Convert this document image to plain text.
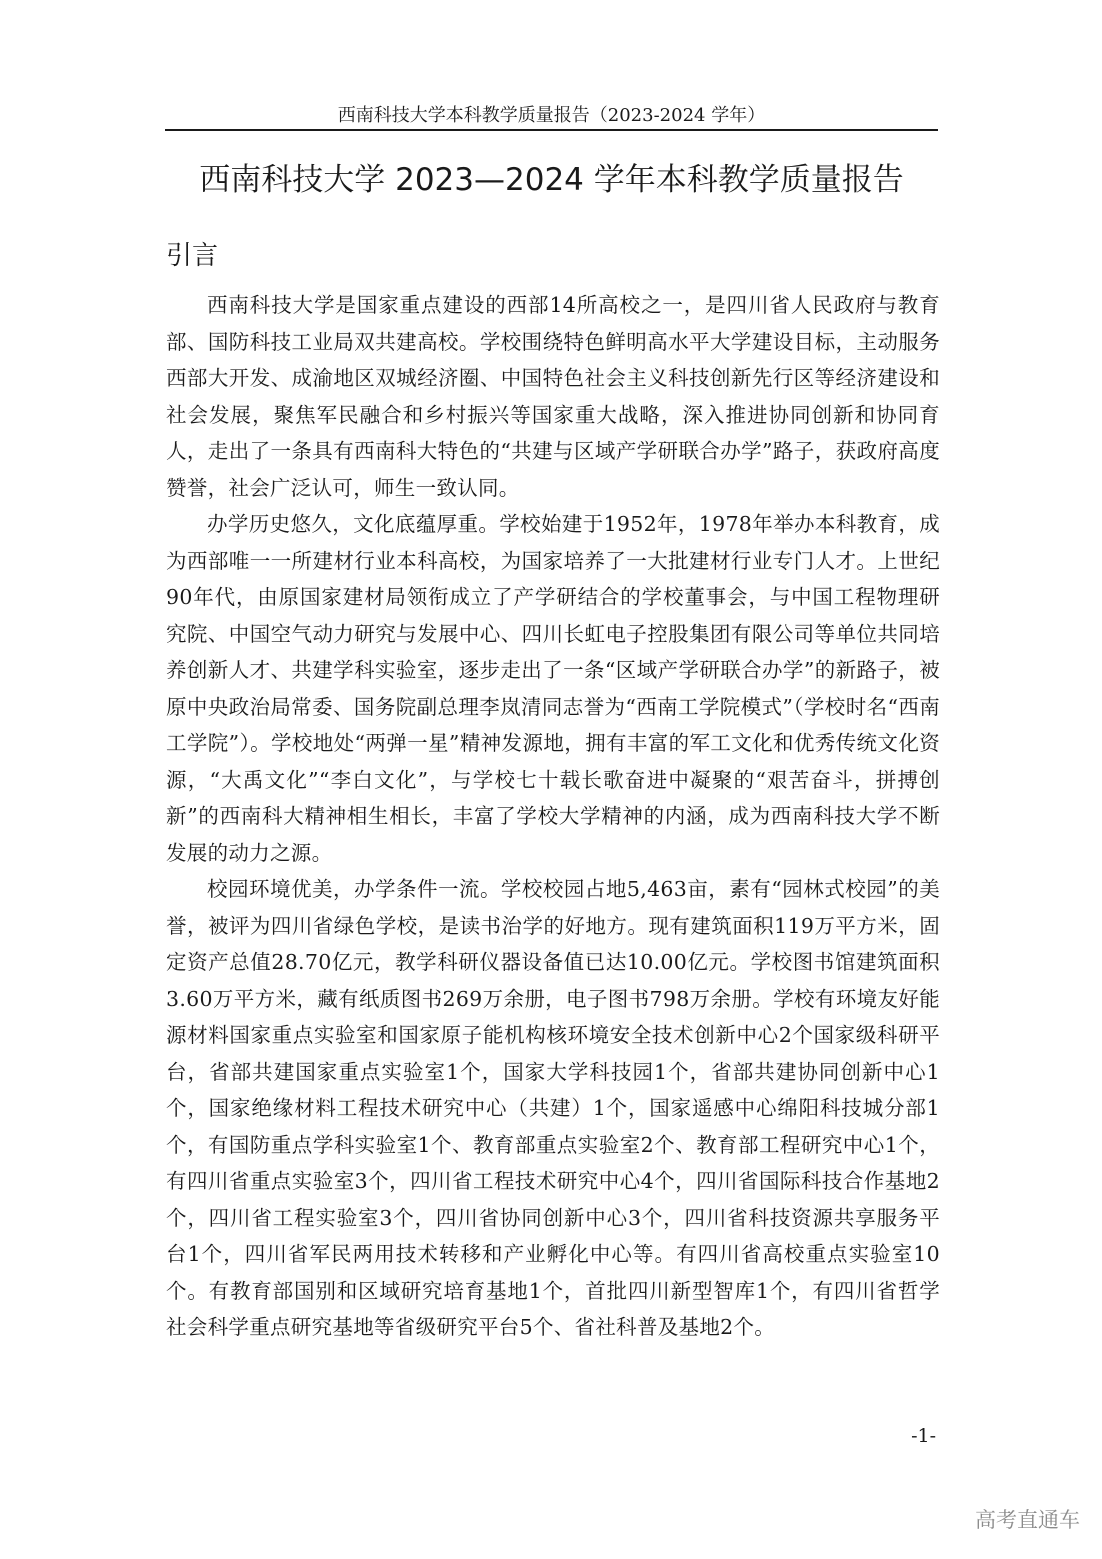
西南科技大学本科教学质量报告（2023-2024 学年）
西南科技大学 2023—2024 学年本科教学质量报告
引言

西南科技大学是国家重点建设的西部14所高校之一，是四川省人民政府与教育部、国防科技工业局双共建高校。学校围绕特色鲜明高水平大学建设目标，主动服务西部大开发、成渝地区双城经济圈、中国特色社会主义科技创新先行区等经济建设和社会发展，聚焦军民融合和乡村振兴等国家重大战略，深入推进协同创新和协同育人，走出了一条具有西南科大特色的“共建与区域产学研联合办学”路子，获政府高度赞誉，社会广泛认可，师生一致认同。

办学历史悠久，文化底蕴厚重。学校始建于1952年，1978年举办本科教育，成为西部唯一一所建材行业本科高校，为国家培养了一大批建材行业专门人才。上世纪90年代，由原国家建材局领衔成立了产学研结合的学校董事会，与中国工程物理研究院、中国空气动力研究与发展中心、四川长虹电子控股集团有限公司等单位共同培养创新人才、共建学科实验室，逐步走出了一条“区域产学研联合办学”的新路子，被原中央政治局常委、国务院副总理李岚清同志誉为“西南工学院模式”（学校时名“西南工学院”）。学校地处“两弹一星”精神发源地，拥有丰富的军工文化和优秀传统文化资源，“大禹文化”“李白文化”，与学校七十载长歌奋进中凝聚的“艰苦奋斗，拼搏创新”的西南科大精神相生相长，丰富了学校大学精神的内涵，成为西南科技大学不断发展的动力之源。

校园环境优美，办学条件一流。学校校园占地5,463亩，素有“园林式校园”的美誉，被评为四川省绿色学校，是读书治学的好地方。现有建筑面积119万平方米，固定资产总值28.70亿元，教学科研仪器设备值已达10.00亿元。学校图书馆建筑面积3.60万平方米，藏有纸质图书269万余册，电子图书798万余册。学校有环境友好能源材料国家重点实验室和国家原子能机构核环境安全技术创新中心2个国家级科研平台，省部共建国家重点实验室1个，国家大学科技园1个，省部共建协同创新中心1个，国家绝缘材料工程技术研究中心（共建）1个，国家遥感中心绵阳科技城分部1个，有国防重点学科实验室1个、教育部重点实验室2个、教育部工程研究中心1个，有四川省重点实验室3个，四川省工程技术研究中心4个，四川省国际科技合作基地2个，四川省工程实验室3个，四川省协同创新中心3个，四川省科技资源共享服务平台1个，四川省军民两用技术转移和产业孵化中心等。有四川省高校重点实验室10个。有教育部国别和区域研究培育基地1个，首批四川新型智库1个，有四川省哲学社会科学重点研究基地等省级研究平台5个、省社科普及基地2个。

-1-
高考直通车
